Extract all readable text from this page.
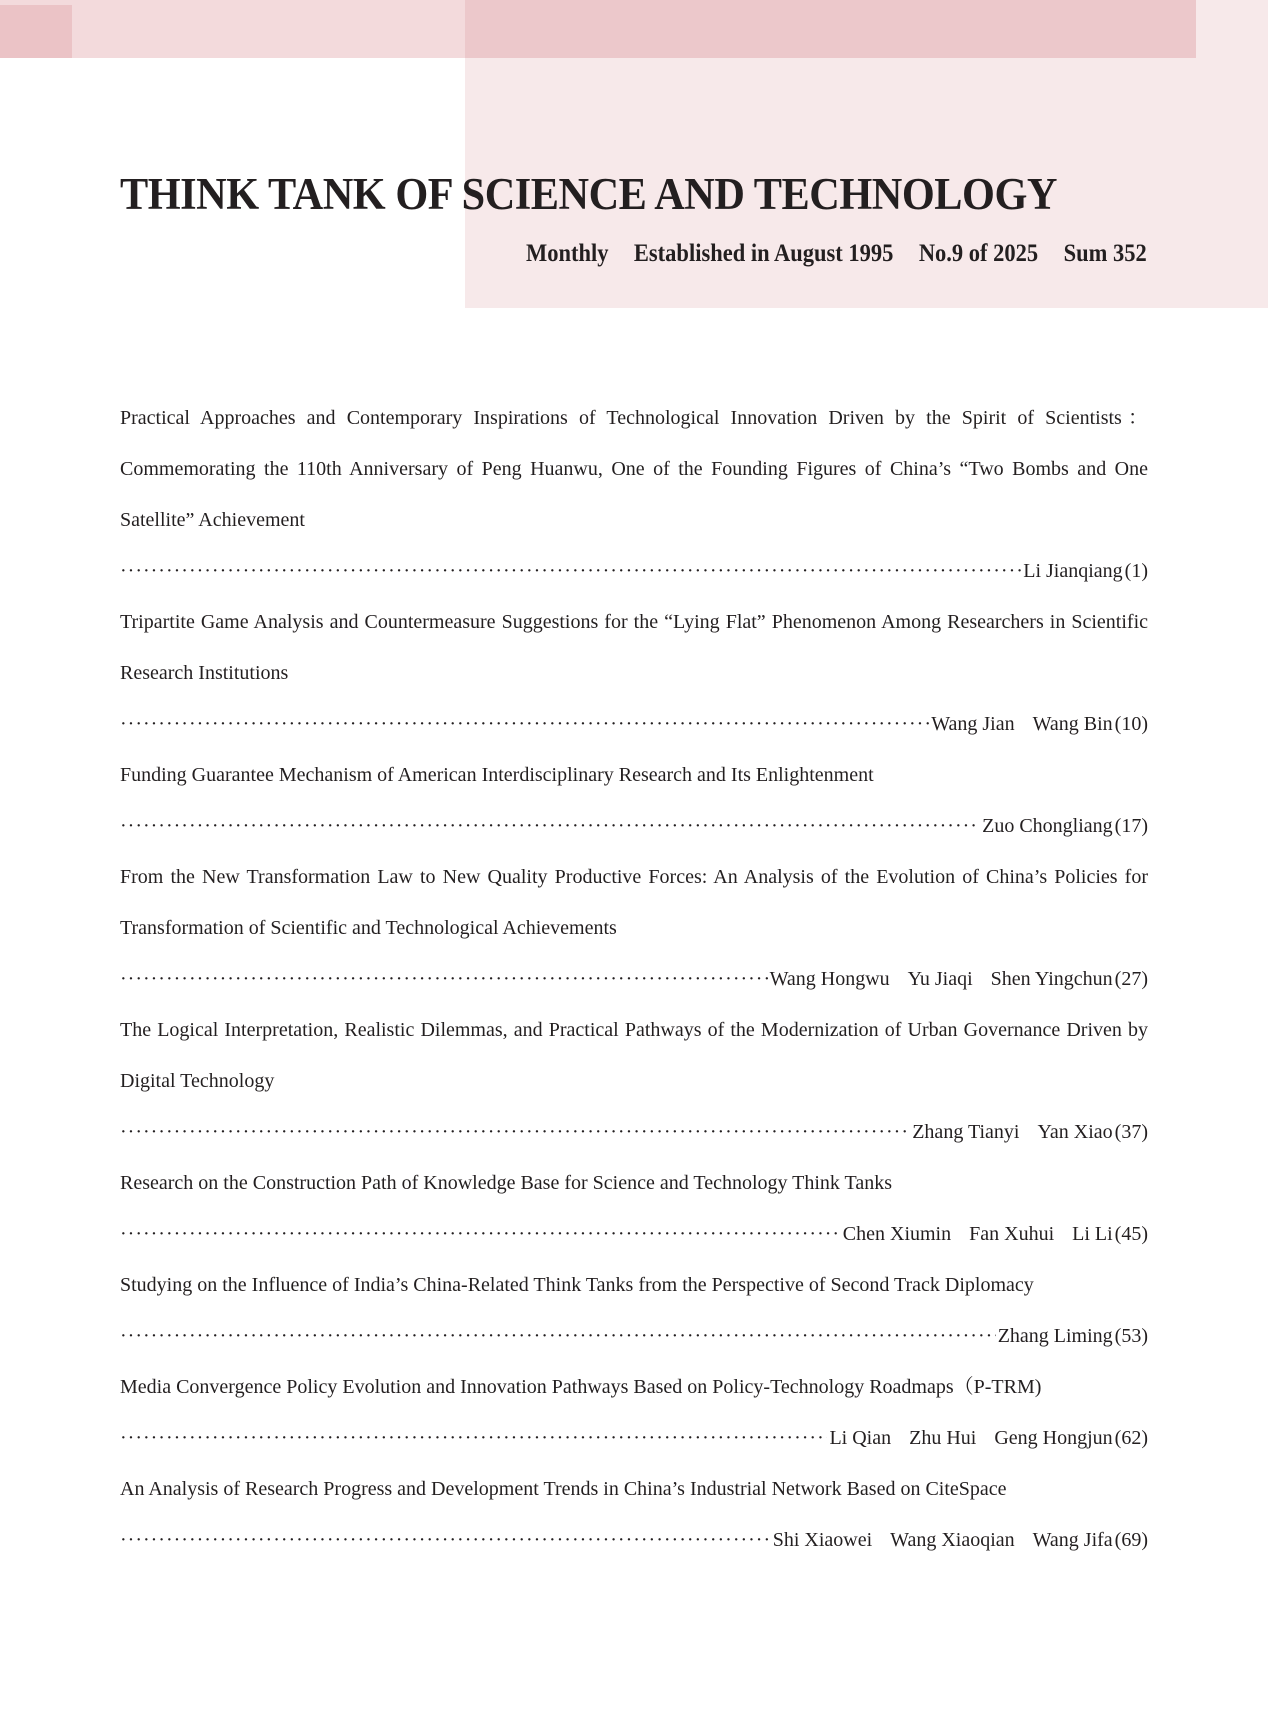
THINK TANK OF SCIENCE AND TECHNOLOGY

Monthly Established in August 1995 No.9 of 2025 Sum 352

Practical Approaches and Contemporary Inspirations of Technological Innovation Driven by the Spirit of Scientists：Commemorating the 110th Anniversary of Peng Huanwu, One of the Founding Figures of China’s “Two Bombs and One Satellite” Achievement
·····
Li Jianqiang (1)
Tripartite Game Analysis and Countermeasure Suggestions for the “Lying Flat” Phenomenon Among Researchers in Scientific Research Institutions
·····
Wang Jian Wang Bin (10)
Funding Guarantee Mechanism of American Interdisciplinary Research and Its Enlightenment
·····
Zuo Chongliang (17)
From the New Transformation Law to New Quality Productive Forces: An Analysis of the Evolution of China’s Policies for Transformation of Scientific and Technological Achievements
·····
Wang Hongwu Yu Jiaqi Shen Yingchun (27)
The Logical Interpretation, Realistic Dilemmas, and Practical Pathways of the Modernization of Urban Governance Driven by Digital Technology
·····
Zhang Tianyi Yan Xiao (37)
Research on the Construction Path of Knowledge Base for Science and Technology Think Tanks
·····
Chen Xiumin Fan Xuhui Li Li (45)
Studying on the Influence of India’s China-Related Think Tanks from the Perspective of Second Track Diplomacy
·····
Zhang Liming (53)
Media Convergence Policy Evolution and Innovation Pathways Based on Policy-Technology Roadmaps（P-TRM)
·····
Li Qian Zhu Hui Geng Hongjun (62)
An Analysis of Research Progress and Development Trends in China’s Industrial Network Based on CiteSpace
·····
Shi Xiaowei Wang Xiaoqian Wang Jifa (69)
